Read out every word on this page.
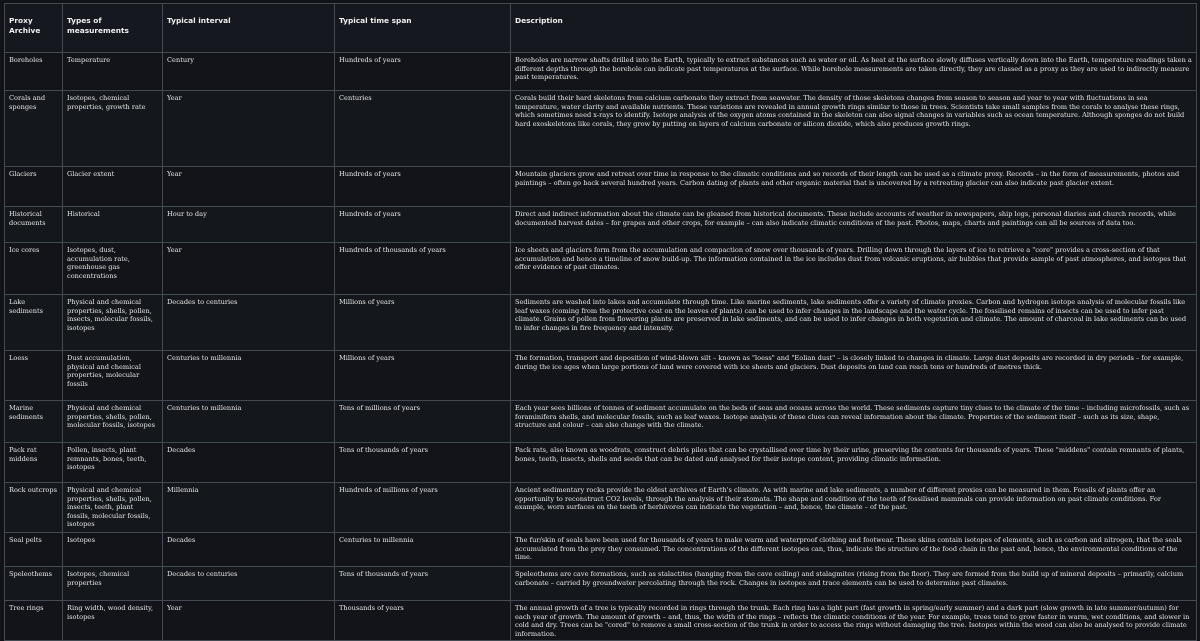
Proxy Archive	Types of measurements	Typical interval	Typical time span	Description
Boreholes	Temperature	Century	Hundreds of years	Boreholes are narrow shafts drilled into the Earth, typically to extract substances such as water or oil. As heat at the surface slowly diffuses vertically down into the Earth, temperature readings taken a different depths through the borehole can indicate past temperatures at the surface. While borehole measurements are taken directly, they are classed as a proxy as they are used to indirectly measure past temperatures.
Corals and sponges	Isotopes, chemical properties, growth rate	Year	Centuries	Corals build their hard skeletons from calcium carbonate they extract from seawater. The density of those skeletons changes from season to season and year to year with fluctuations in sea temperature, water clarity and available nutrients. These variations are revealed in annual growth rings similar to those in trees. Scientists take small samples from the corals to analyse these rings, which sometimes need x-rays to identify. Isotope analysis of the oxygen atoms contained in the skeleton can also signal changes in variables such as ocean temperature. Although sponges do not build hard exoskeletons like corals, they grow by putting on layers of calcium carbonate or silicon dioxide, which also produces growth rings.
Glaciers	Glacier extent	Year	Hundreds of years	Mountain glaciers grow and retreat over time in response to the climatic conditions and so records of their length can be used as a climate proxy. Records – in the form of measurements, photos and paintings – often go back several hundred years. Carbon dating of plants and other organic material that is uncovered by a retreating glacier can also indicate past glacier extent.
Historical documents	Historical	Hour to day	Hundreds of years	Direct and indirect information about the climate can be gleaned from historical documents. These include accounts of weather in newspapers, ship logs, personal diaries and church records, while documented harvest dates – for grapes and other crops, for example – can also indicate climatic conditions of the past. Photos, maps, charts and paintings can all be sources of data too.
Ice cores	Isotopes, dust, accumulation rate, greenhouse gas concentrations	Year	Hundreds of thousands of years	Ice sheets and glaciers form from the accumulation and compaction of snow over thousands of years. Drilling down through the layers of ice to retrieve a "core" provides a cross-section of that accumulation and hence a timeline of snow build-up. The information contained in the ice includes dust from volcanic eruptions, air bubbles that provide sample of past atmospheres, and isotopes that offer evidence of past climates.
Lake sediments	Physical and chemical properties, shells, pollen, insects, molecular fossils, isotopes	Decades to centuries	Millions of years	Sediments are washed into lakes and accumulate through time. Like marine sediments, lake sediments offer a variety of climate proxies. Carbon and hydrogen isotope analysis of molecular fossils like leaf waxes (coming from the protective coat on the leaves of plants) can be used to infer changes in the landscape and the water cycle. The fossilised remains of insects can be used to infer past climate. Grains of pollen from flowering plants are preserved in lake sediments, and can be used to infer changes in both vegetation and climate. The amount of charcoal in lake sediments can be used to infer changes in fire frequency and intensity.
Loess	Dust accumulation, physical and chemical properties, molecular fossils	Centuries to millennia	Millions of years	The formation, transport and deposition of wind-blown silt – known as "loess" and "Eolian dust" – is closely linked to changes in climate. Large dust deposits are recorded in dry periods – for example, during the ice ages when large portions of land were covered with ice sheets and glaciers. Dust deposits on land can reach tens or hundreds of metres thick.
Marine sediments	Physical and chemical properties, shells, pollen, molecular fossils, isotopes	Centuries to millennia	Tens of millions of years	Each year sees billions of tonnes of sediment accumulate on the beds of seas and oceans across the world. These sediments capture tiny clues to the climate of the time – including microfossils, such as foraminifera shells, and molecular fossils, such as leaf waxes. Isotope analysis of these clues can reveal information about the climate. Properties of the sediment itself – such as its size, shape, structure and colour – can also change with the climate.
Pack rat middens	Pollen, insects, plant remnants, bones, teeth, isotopes	Decades	Tens of thousands of years	Pack rats, also known as woodrats, construct debris piles that can be crystallised over time by their urine, preserving the contents for thousands of years. These "middens" contain remnants of plants, bones, teeth, insects, shells and seeds that can be dated and analysed for their isotope content, providing climatic information.
Rock outcrops	Physical and chemical properties, shells, pollen, insects, teeth, plant fossils, molecular fossils, isotopes	Millennia	Hundreds of millions of years	Ancient sedimentary rocks provide the oldest archives of Earth's climate. As with marine and lake sediments, a number of different proxies can be measured in them. Fossils of plants offer an opportunity to reconstruct CO2 levels, through the analysis of their stomata. The shape and condition of the teeth of fossilised mammals can provide information on past climate conditions. For example, worn surfaces on the teeth of herbivores can indicate the vegetation – and, hence, the climate – of the past.
Seal pelts	Isotopes	Decades	Centuries to millennia	The fur/skin of seals have been used for thousands of years to make warm and waterproof clothing and footwear. These skins contain isotopes of elements, such as carbon and nitrogen, that the seals accumulated from the prey they consumed. The concentrations of the different isotopes can, thus, indicate the structure of the food chain in the past and, hence, the environmental conditions of the time.
Speleothems	Isotopes, chemical properties	Decades to centuries	Tens of thousands of years	Speleothems are cave formations, such as stalactites (hanging from the cave ceiling) and stalagmites (rising from the floor). They are formed from the build up of mineral deposits – primarily, calcium carbonate – carried by groundwater percolating through the rock. Changes in isotopes and trace elements can be used to determine past climates.
Tree rings	Ring width, wood density, isotopes	Year	Thousands of years	The annual growth of a tree is typically recorded in rings through the trunk. Each ring has a light part (fast growth in spring/early summer) and a dark part (slow growth in late summer/autumn) for each year of growth. The amount of growth – and, thus, the width of the rings – reflects the climatic conditions of the year. For example, trees tend to grow faster in warm, wet conditions, and slower in cold and dry. Trees can be "cored" to remove a small cross-section of the trunk in order to access the rings without damaging the tree. Isotopes within the wood can also be analysed to provide climate information.
